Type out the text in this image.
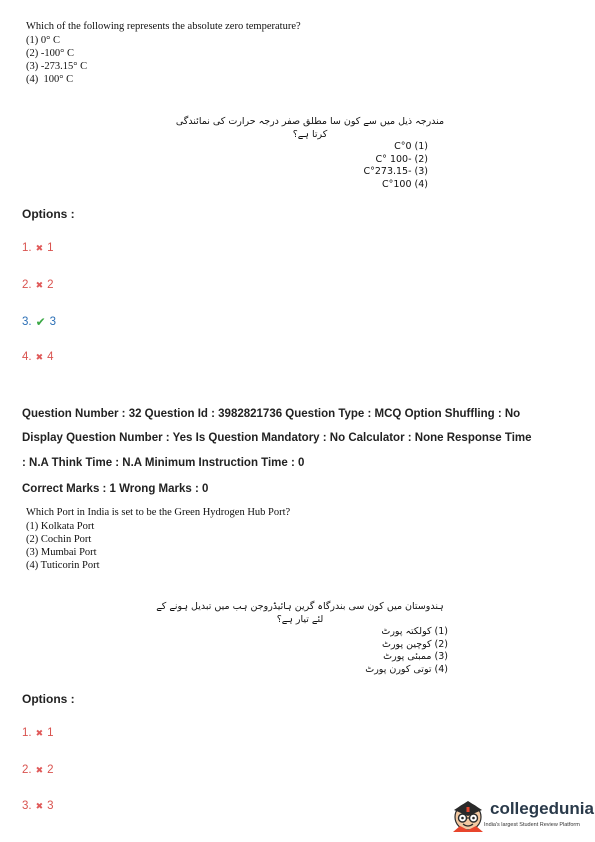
Which of the following represents the absolute zero temperature?
(1) 0° C
(2) -100° C
(3) -273.15° C
(4)  100° C
مندرجہ ذیل میں سے کون سا مطلق صفر درجہ حرارت کی نمائندگی کرتا ہے؟
C°0 (1)
C° 100- (2)
C°273.15- (3)
C°100 (4)
Options :
1. ✖ 1
2. ✖ 2
3. ✔ 3
4. ✖ 4
Question Number : 32 Question Id : 3982821736 Question Type : MCQ Option Shuffling : No
Display Question Number : Yes Is Question Mandatory : No Calculator : None Response Time
: N.A Think Time : N.A Minimum Instruction Time : 0
Correct Marks : 1 Wrong Marks : 0
Which Port in India is set to be the Green Hydrogen Hub Port?
(1) Kolkata Port
(2) Cochin Port
(3) Mumbai Port
(4) Tuticorin Port
ہندوستان میں کون سی بندرگاہ گرین ہائیڈروجن ہب میں تبدیل ہونے کے لئے تیار ہے؟
(1) کولکتہ پورٹ
(2) کوچین پورٹ
(3) ممبئی پورٹ
(4) توتی کورن پورٹ
Options :
1. ✖ 1
2. ✖ 2
3. ✖ 3	collegedunia
India's largest Student Review Platform
